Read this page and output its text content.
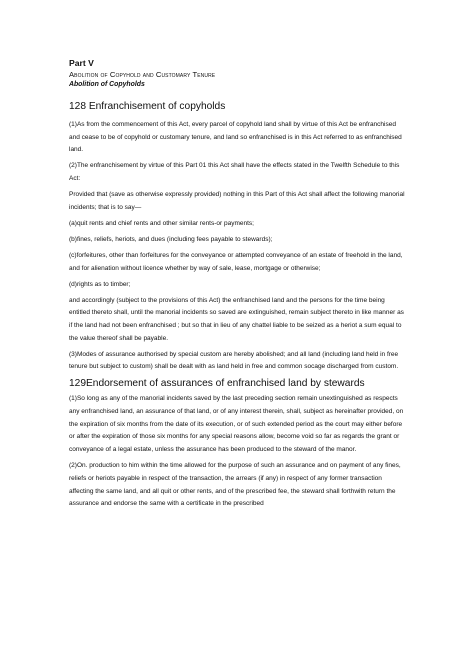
Part V

Abolition of Copyhold and Customary Tenure

Abolition of Copyholds

128 Enfranchisement of copyholds

(1)As from the commencement of this Act, every parcel of copyhold land shall by virtue of this Act be enfranchised and cease to be of copyhold or customary tenure, and land so enfranchised is in this Act referred to as enfranchised land.

(2)The enfranchisement by virtue of this Part 01 this Act shall have the effects stated in the Twelfth Schedule to this Act:

Provided that (save as otherwise expressly provided) nothing in this Part of this Act shall affect the following manorial incidents; that is to say—

(a)quit rents and chief rents and other similar rents-or payments;

(b)fines, reliefs, heriots, and dues (including fees payable to stewards);

(c)forfeitures, other than forfeitures for the conveyance or attempted conveyance of an estate of freehold in the land, and for alienation without licence whether by way of sale, lease, mortgage or otherwise;

(d)rights as to timber;

and accordingly (subject to the provisions of this Act) the enfranchised land and the persons for the time being entitled thereto shall, until the manorial incidents so saved are extinguished, remain subject thereto in like manner as if the land had not been enfranchised ; but so that in lieu of any chattel liable to be seized as a heriot a sum equal to the value thereof shall be payable.

(3)Modes of assurance authorised by special custom are hereby abolished; and all land (including land held in free tenure but subject to custom) shall be dealt with as land held in free and common socage discharged from custom.

129Endorsement of assurances of enfranchised land by stewards

(1)So long as any of the manorial incidents saved by the last preceding section remain unextinguished as respects any enfranchised land, an assurance of that land, or of any interest therein, shall, subject as hereinafter provided, on the expiration of six months from the date of its execution, or of such extended period as the court may either before or after the expiration of those six months for any special reasons allow, become void so far as regards the grant or conveyance of a legal estate, unless the assurance has been produced to the steward of the manor.

(2)On. production to him within the time allowed for the purpose of such an assurance and on payment of any fines, reliefs or heriots payable in respect of the transaction, the arrears (if any) in respect of any former transaction affecting the same land, and all quit or other rents, and of the prescribed fee, the steward shall forthwith return the assurance and endorse the same with a certificate in the prescribed
